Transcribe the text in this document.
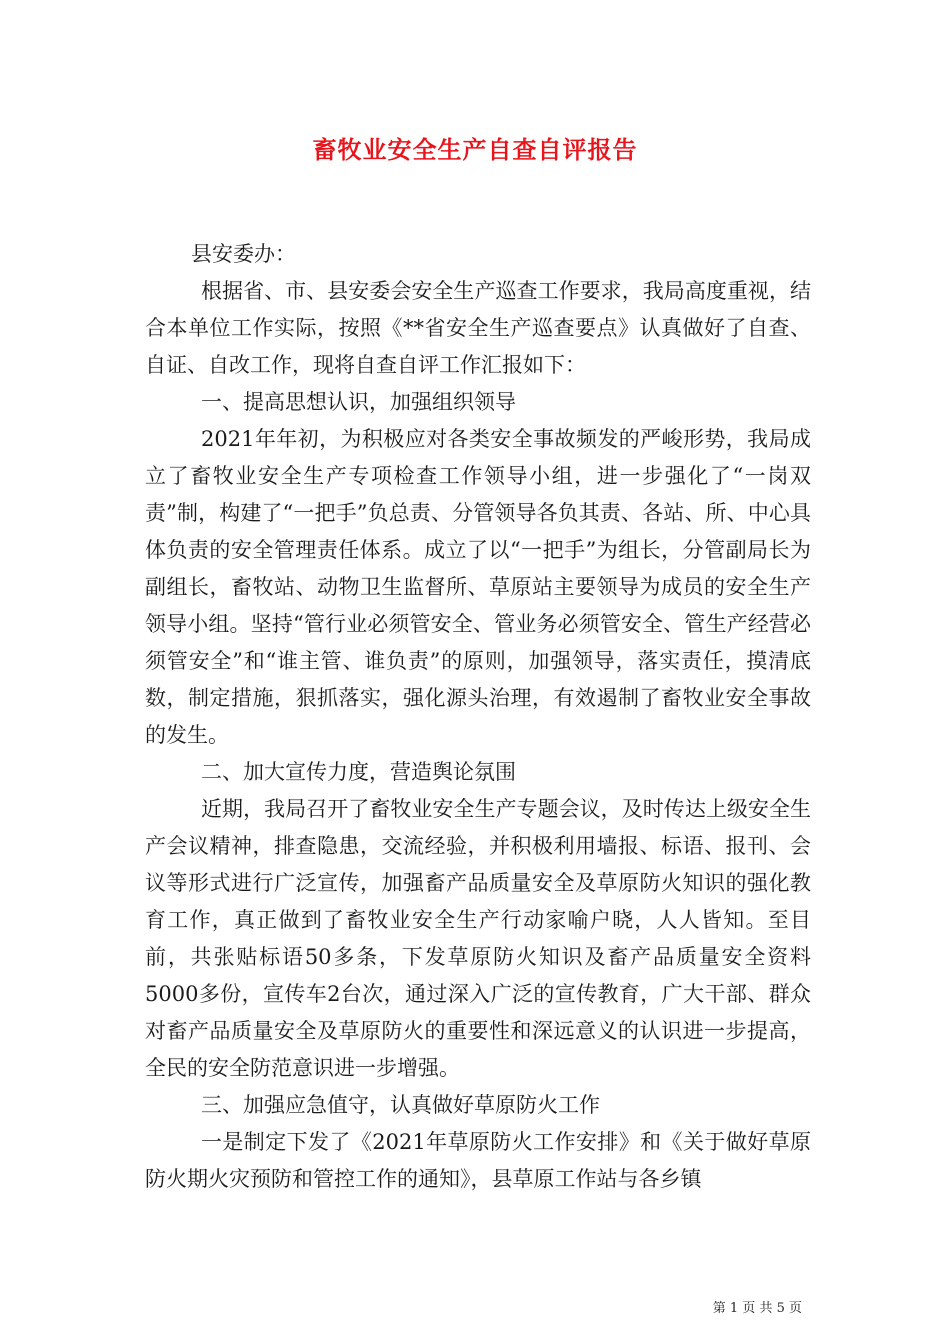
畜牧业安全生产自查自评报告

县安委办：

根据省、市、县安委会安全生产巡查工作要求，我局高度重视，结合本单位工作实际，按照《**省安全生产巡查要点》认真做好了自查、自证、自改工作，现将自查自评工作汇报如下：

一、提高思想认识，加强组织领导

2021年年初，为积极应对各类安全事故频发的严峻形势，我局成立了畜牧业安全生产专项检查工作领导小组，进一步强化了“一岗双责”制，构建了“一把手”负总责、分管领导各负其责、各站、所、中心具体负责的安全管理责任体系。成立了以“一把手”为组长，分管副局长为副组长，畜牧站、动物卫生监督所、草原站主要领导为成员的安全生产领导小组。坚持“管行业必须管安全、管业务必须管安全、管生产经营必须管安全”和“谁主管、谁负责”的原则，加强领导，落实责任，摸清底数，制定措施，狠抓落实，强化源头治理，有效遏制了畜牧业安全事故的发生。

二、加大宣传力度，营造舆论氛围

近期，我局召开了畜牧业安全生产专题会议，及时传达上级安全生产会议精神，排查隐患，交流经验，并积极利用墙报、标语、报刊、会议等形式进行广泛宣传，加强畜产品质量安全及草原防火知识的强化教育工作，真正做到了畜牧业安全生产行动家喻户晓，人人皆知。至目前，共张贴标语50多条，下发草原防火知识及畜产品质量安全资料5000多份，宣传车2台次，通过深入广泛的宣传教育，广大干部、群众对畜产品质量安全及草原防火的重要性和深远意义的认识进一步提高，全民的安全防范意识进一步增强。

三、加强应急值守，认真做好草原防火工作

一是制定下发了《2021年草原防火工作安排》和《关于做好草原防火期火灾预防和管控工作的通知》，县草原工作站与各乡镇

第 1 页 共 5 页
